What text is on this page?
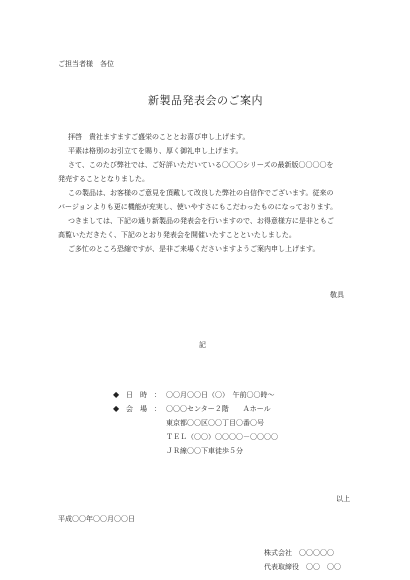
ご担当者様　各位
新製品発表会のご案内
拝啓　貴社ますますご盛栄のこととお喜び申し上げます。
平素は格別のお引立てを賜り、厚く御礼申し上げます。
さて、このたび弊社では、ご好評いただいている〇〇〇シリーズの最新版〇〇〇〇を
発売することとなりました。
この製品は、お客様のご意見を頂戴して改良した弊社の自信作でございます。従来の
バージョンよりも更に機能が充実し、使いやすさにもこだわったものになっております。
つきましては、下記の通り新製品の発表会を行いますので、お得意様方に是非ともご
高覧いただきたく、下記のとおり発表会を開催いたすことといたしました。
ご多忙のところ恐縮ですが、是非ご来場くださいますようご案内申し上げます。
敬具
記
◆ 日　時　： 〇〇月〇〇日（〇）　午前〇〇時〜
◆ 会　場　： 〇〇〇センター２階　　Ａホール
東京都〇〇区〇〇丁目〇番〇号
ＴＥＬ（〇〇）〇〇〇〇－〇〇〇〇
ＪＲ線〇〇下車徒歩５分
以上
平成〇〇年〇〇月〇〇日
株式会社　〇〇〇〇〇
代表取締役　〇〇　〇〇
